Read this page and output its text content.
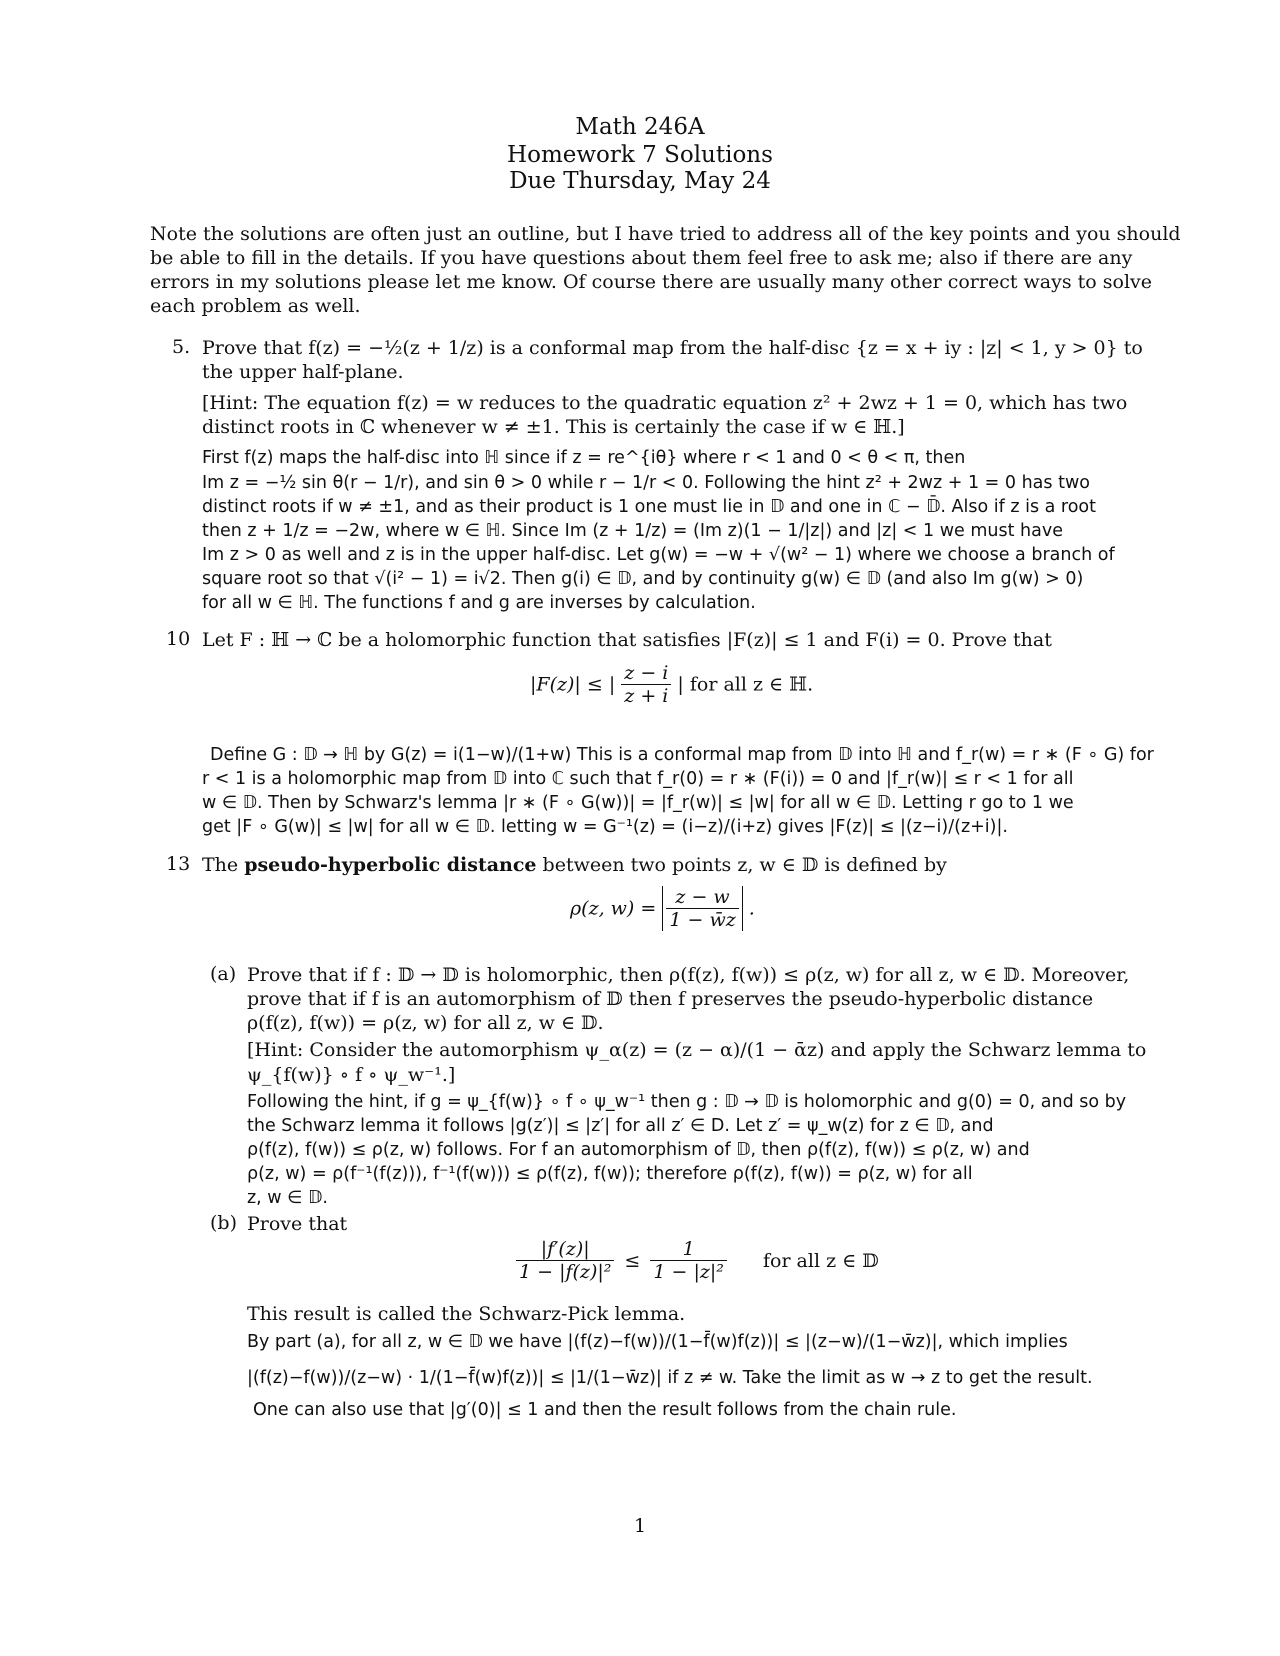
Math 246A
Homework 7 Solutions
Due Thursday, May 24
Note the solutions are often just an outline, but I have tried to address all of the key points and you should
be able to fill in the details. If you have questions about them feel free to ask me; also if there are any
errors in my solutions please let me know. Of course there are usually many other correct ways to solve
each problem as well.
5. Prove that f(z) = −½(z + 1/z) is a conformal map from the half-disc {z = x + iy : |z| < 1, y > 0} to
the upper half-plane.
[Hint: The equation f(z) = w reduces to the quadratic equation z² + 2wz + 1 = 0, which has two
distinct roots in ℂ whenever w ≠ ±1. This is certainly the case if w ∈ ℍ.]
First f(z) maps the half-disc into ℍ since if z = re^{iθ} where r < 1 and 0 < θ < π, then
Im z = −½ sin θ(r − 1/r), and sin θ > 0 while r − 1/r < 0. Following the hint z² + 2wz + 1 = 0 has two
distinct roots if w ≠ ±1, and as their product is 1 one must lie in 𝔻 and one in ℂ − 𝔻̄. Also if z is a root
then z + 1/z = −2w, where w ∈ ℍ. Since Im (z + 1/z) = (Im z)(1 − 1/|z|) and |z| < 1 we must have
Im z > 0 as well and z is in the upper half-disc. Let g(w) = −w + √(w² − 1) where we choose a branch of
square root so that √(i² − 1) = i√2. Then g(i) ∈ 𝔻, and by continuity g(w) ∈ 𝔻 (and also Im g(w) > 0)
for all w ∈ ℍ. The functions f and g are inverses by calculation.
10 Let F : ℍ → ℂ be a holomorphic function that satisfies |F(z)| ≤ 1 and F(i) = 0. Prove that
|F(z)| ≤ | $\frac{z - i}{z + i}$ | for all z ∈ ℍ.
Define G : 𝔻 → ℍ by G(z) = i(1−w)/(1+w) This is a conformal map from 𝔻 into ℍ and f_r(w) = r ∗ (F ∘ G) for
r < 1 is a holomorphic map from 𝔻 into ℂ such that f_r(0) = r ∗ (F(i)) = 0 and |f_r(w)| ≤ r < 1 for all
w ∈ 𝔻. Then by Schwarz's lemma |r ∗ (F ∘ G(w))| = |f_r(w)| ≤ |w| for all w ∈ 𝔻. Letting r go to 1 we
get |F ∘ G(w)| ≤ |w| for all w ∈ 𝔻. letting w = G⁻¹(z) = (i−z)/(i+z) gives |F(z)| ≤ |(z−i)/(z+i)|.
13 The pseudo-hyperbolic distance between two points z, w ∈ 𝔻 is defined by
ρ(z, $w) = \frac{z - w}{1 - w̄z}$ .
(a) Prove that if f : 𝔻 → 𝔻 is holomorphic, then ρ(f(z), f(w)) ≤ ρ(z, w) for all z, w ∈ 𝔻. Moreover,
prove that if f is an automorphism of 𝔻 then f preserves the pseudo-hyperbolic distance
ρ(f(z), f(w)) = ρ(z, w) for all z, w ∈ 𝔻.
[Hint: Consider the automorphism ψ_α(z) = (z − α)/(1 − ᾱz) and apply the Schwarz lemma to
ψ_{f(w)} ∘ f ∘ ψ_w⁻¹.]
Following the hint, if g = ψ_{f(w)} ∘ f ∘ ψ_w⁻¹ then g : 𝔻 → 𝔻 is holomorphic and g(0) = 0, and so by
the Schwarz lemma it follows |g(z′)| ≤ |z′| for all z′ ∈ D. Let z′ = ψ_w(z) for z ∈ 𝔻, and
ρ(f(z), f(w)) ≤ ρ(z, w) follows. For f an automorphism of 𝔻, then ρ(f(z), f(w)) ≤ ρ(z, w) and
ρ(z, w) = ρ(f⁻¹(f(z))), f⁻¹(f(w))) ≤ ρ(f(z), f(w)); therefore ρ(f(z), f(w)) = ρ(z, w) for all
z, w ∈ 𝔻.
(b) Prove that
$\frac{|f'(z)|}{\text{1 − |f(z)|²}} \le \frac{1}{\text{1 − |z|²}}$ for all z ∈ 𝔻
This result is called the Schwarz-Pick lemma.
By part (a), for all z, w ∈ 𝔻 we have |(f(z)−f(w))/(1−f̄(w)f(z))| ≤ |(z−w)/(1−w̄z)|, which implies
|(f(z)−f(w))/(z−w) · 1/(1−f̄(w)f(z))| ≤ |1/(1−w̄z)| if z ≠ w. Take the limit as w → z to get the result.
One can also use that |g′(0)| ≤ 1 and then the result follows from the chain rule.
1
